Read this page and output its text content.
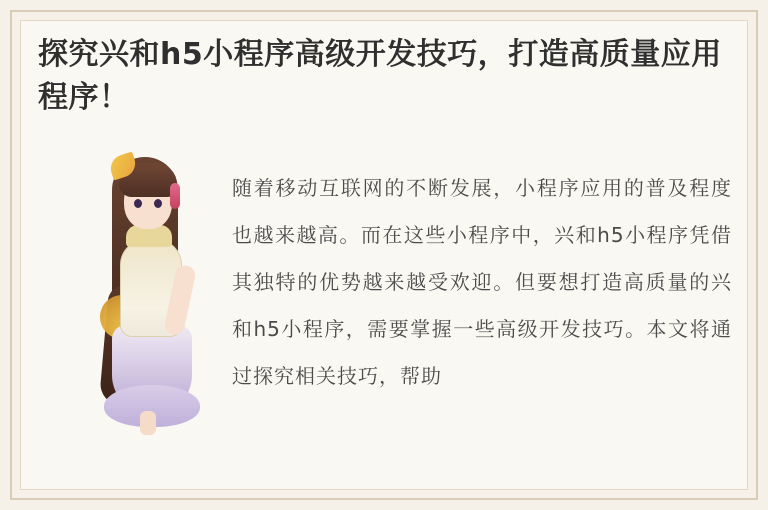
探究兴和h5小程序高级开发技巧，打造高质量应用程序！

随着移动互联网的不断发展，小程序应用的普及程度也越来越高。而在这些小程序中，兴和h5小程序凭借其独特的优势越来越受欢迎。但要想打造高质量的兴和h5小程序，需要掌握一些高级开发技巧。本文将通过探究相关技巧，帮助
